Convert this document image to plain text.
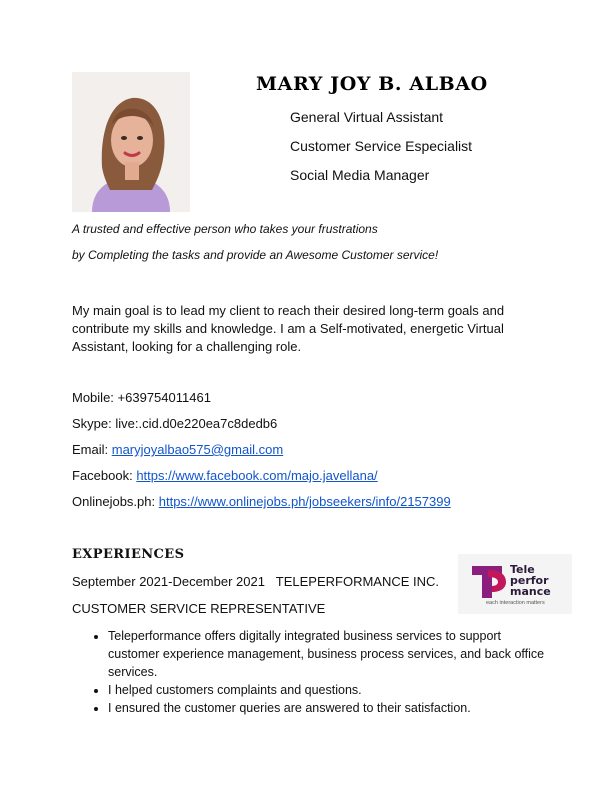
MARY JOY B. ALBAO
General Virtual Assistant
Customer Service Especialist
Social Media Manager
A trusted and effective person who takes your frustrations
by Completing the tasks and provide an Awesome Customer service!
My main goal is to lead my client to reach their desired long-term goals and contribute my skills and knowledge. I am a Self-motivated, energetic Virtual Assistant, looking for a challenging role.
Mobile: +639754011461
Skype: live:.cid.d0e220ea7c8dedb6
Email: maryjoyalbao575@gmail.com
Facebook: https://www.facebook.com/majo.javellana/
Onlinejobs.ph: https://www.onlinejobs.ph/jobseekers/info/2157399
EXPERIENCES
September 2021-December 2021 TELEPERFORMANCE INC.
CUSTOMER SERVICE REPRESENTATIVE
Tele
perfor
mance
each interaction matters
• Teleperformance offers digitally integrated business services to support customer experience management, business process services, and back office services.
• I helped customers complaints and questions.
• I ensured the customer queries are answered to their satisfaction.
